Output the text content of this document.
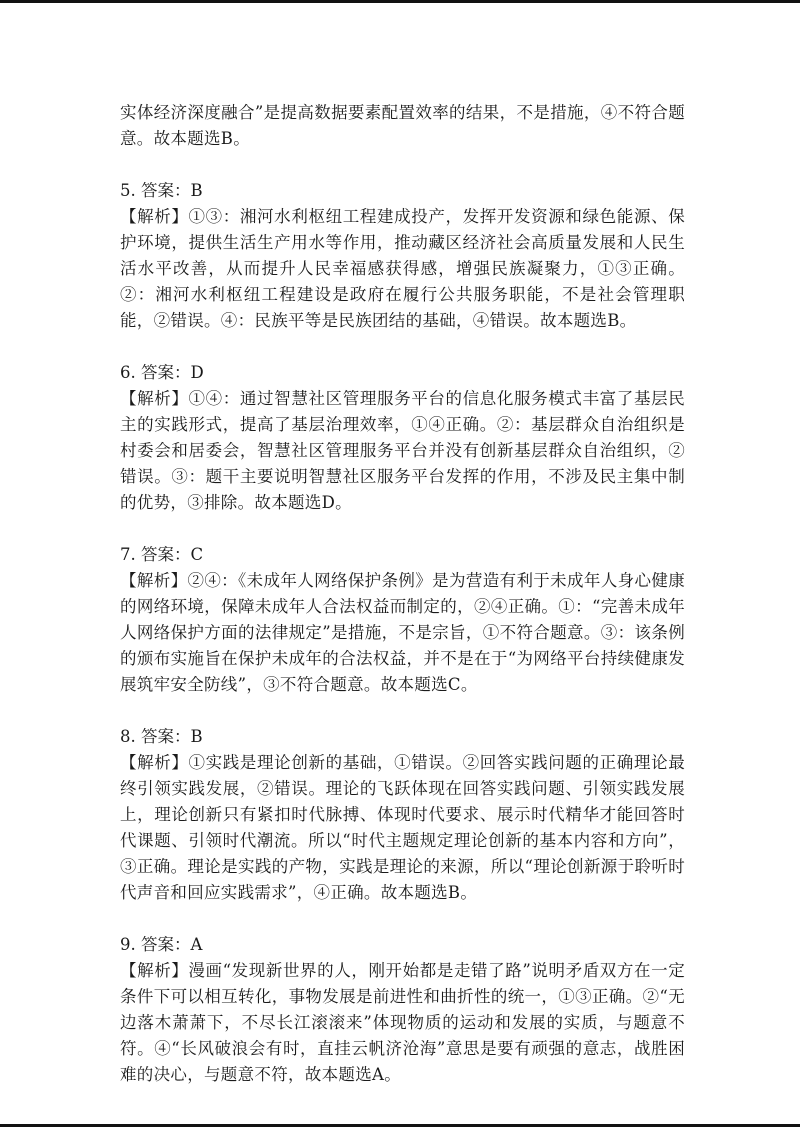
实体经济深度融合”是提高数据要素配置效率的结果，不是措施，④不符合题意。故本题选B。

5. 答案：B

【解析】①③：湘河水利枢纽工程建成投产，发挥开发资源和绿色能源、保护环境，提供生活生产用水等作用，推动藏区经济社会高质量发展和人民生活水平改善，从而提升人民幸福感获得感，增强民族凝聚力，①③正确。②：湘河水利枢纽工程建设是政府在履行公共服务职能，不是社会管理职能，②错误。④：民族平等是民族团结的基础，④错误。故本题选B。

6. 答案：D

【解析】①④：通过智慧社区管理服务平台的信息化服务模式丰富了基层民主的实践形式，提高了基层治理效率，①④正确。②：基层群众自治组织是村委会和居委会，智慧社区管理服务平台并没有创新基层群众自治组织，②错误。③：题干主要说明智慧社区服务平台发挥的作用，不涉及民主集中制的优势，③排除。故本题选D。

7. 答案：C

【解析】②④：《未成年人网络保护条例》是为营造有利于未成年人身心健康的网络环境，保障未成年人合法权益而制定的，②④正确。①：“完善未成年人网络保护方面的法律规定”是措施，不是宗旨，①不符合题意。③：该条例的颁布实施旨在保护未成年的合法权益，并不是在于“为网络平台持续健康发展筑牢安全防线”，③不符合题意。故本题选C。

8. 答案：B

【解析】①实践是理论创新的基础，①错误。②回答实践问题的正确理论最终引领实践发展，②错误。理论的飞跃体现在回答实践问题、引领实践发展上，理论创新只有紧扣时代脉搏、体现时代要求、展示时代精华才能回答时代课题、引领时代潮流。所以“时代主题规定理论创新的基本内容和方向”，③正确。理论是实践的产物，实践是理论的来源，所以“理论创新源于聆听时代声音和回应实践需求”，④正确。故本题选B。

9. 答案：A

【解析】漫画“发现新世界的人，刚开始都是走错了路”说明矛盾双方在一定条件下可以相互转化，事物发展是前进性和曲折性的统一，①③正确。②“无边落木萧萧下，不尽长江滚滚来”体现物质的运动和发展的实质，与题意不符。④“长风破浪会有时，直挂云帆济沧海”意思是要有顽强的意志，战胜困难的决心，与题意不符，故本题选A。
